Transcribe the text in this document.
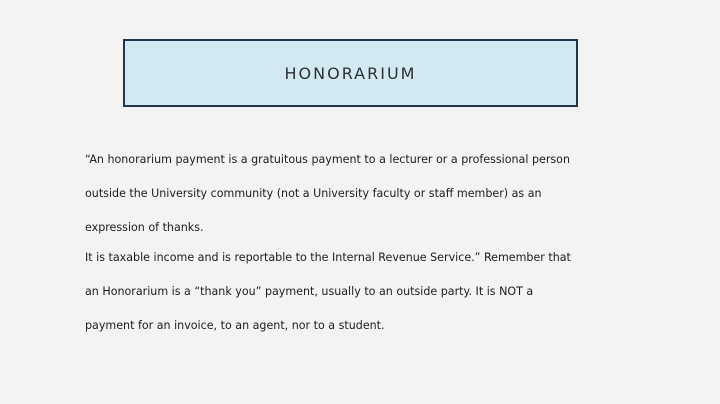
HONORARIUM
“An honorarium payment is a gratuitous payment to a lecturer or a professional person
outside the University community (not a University faculty or staff member) as an
expression of thanks.
It is taxable income and is reportable to the Internal Revenue Service.” Remember that
an Honorarium is a “thank you” payment, usually to an outside party. It is NOT a
payment for an invoice, to an agent, nor to a student.
